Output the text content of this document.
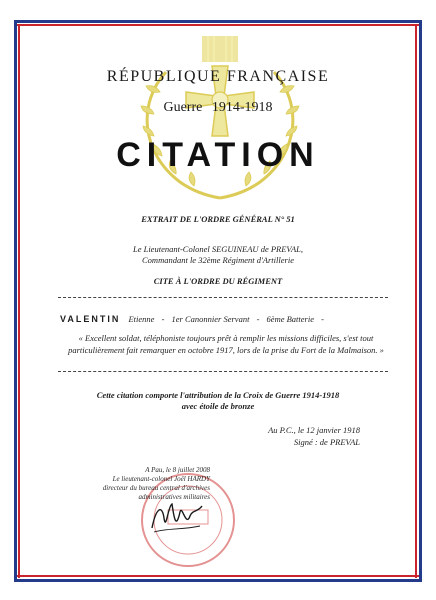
RÉPUBLIQUE FRANÇAISE
Guerre 1914-1918
CITATION
EXTRAIT DE L'ORDRE GÉNÉRAL N° 51
Le Lieutenant-Colonel SEGUINEAU de PREVAL,
Commandant le 32ème Régiment d'Artillerie
CITE À L'ORDRE DU RÉGIMENT
VALENTIN Etienne - 1er Canonnier Servant - 6ème Batterie -
« Excellent soldat, téléphoniste toujours prêt à remplir les missions difficiles, s'est tout
particulièrement fait remarquer en octobre 1917, lors de la prise du Fort de la Malmaison. »
Cette citation comporte l'attribution de la Croix de Guerre 1914-1918
avec étoile de bronze
Au P.C., le 12 janvier 1918
Signé : de PREVAL
A Pau, le 8 juillet 2008
Le lieutenant-colonel Joël HARDY
directeur du bureau central d'archives
administratives militaires
